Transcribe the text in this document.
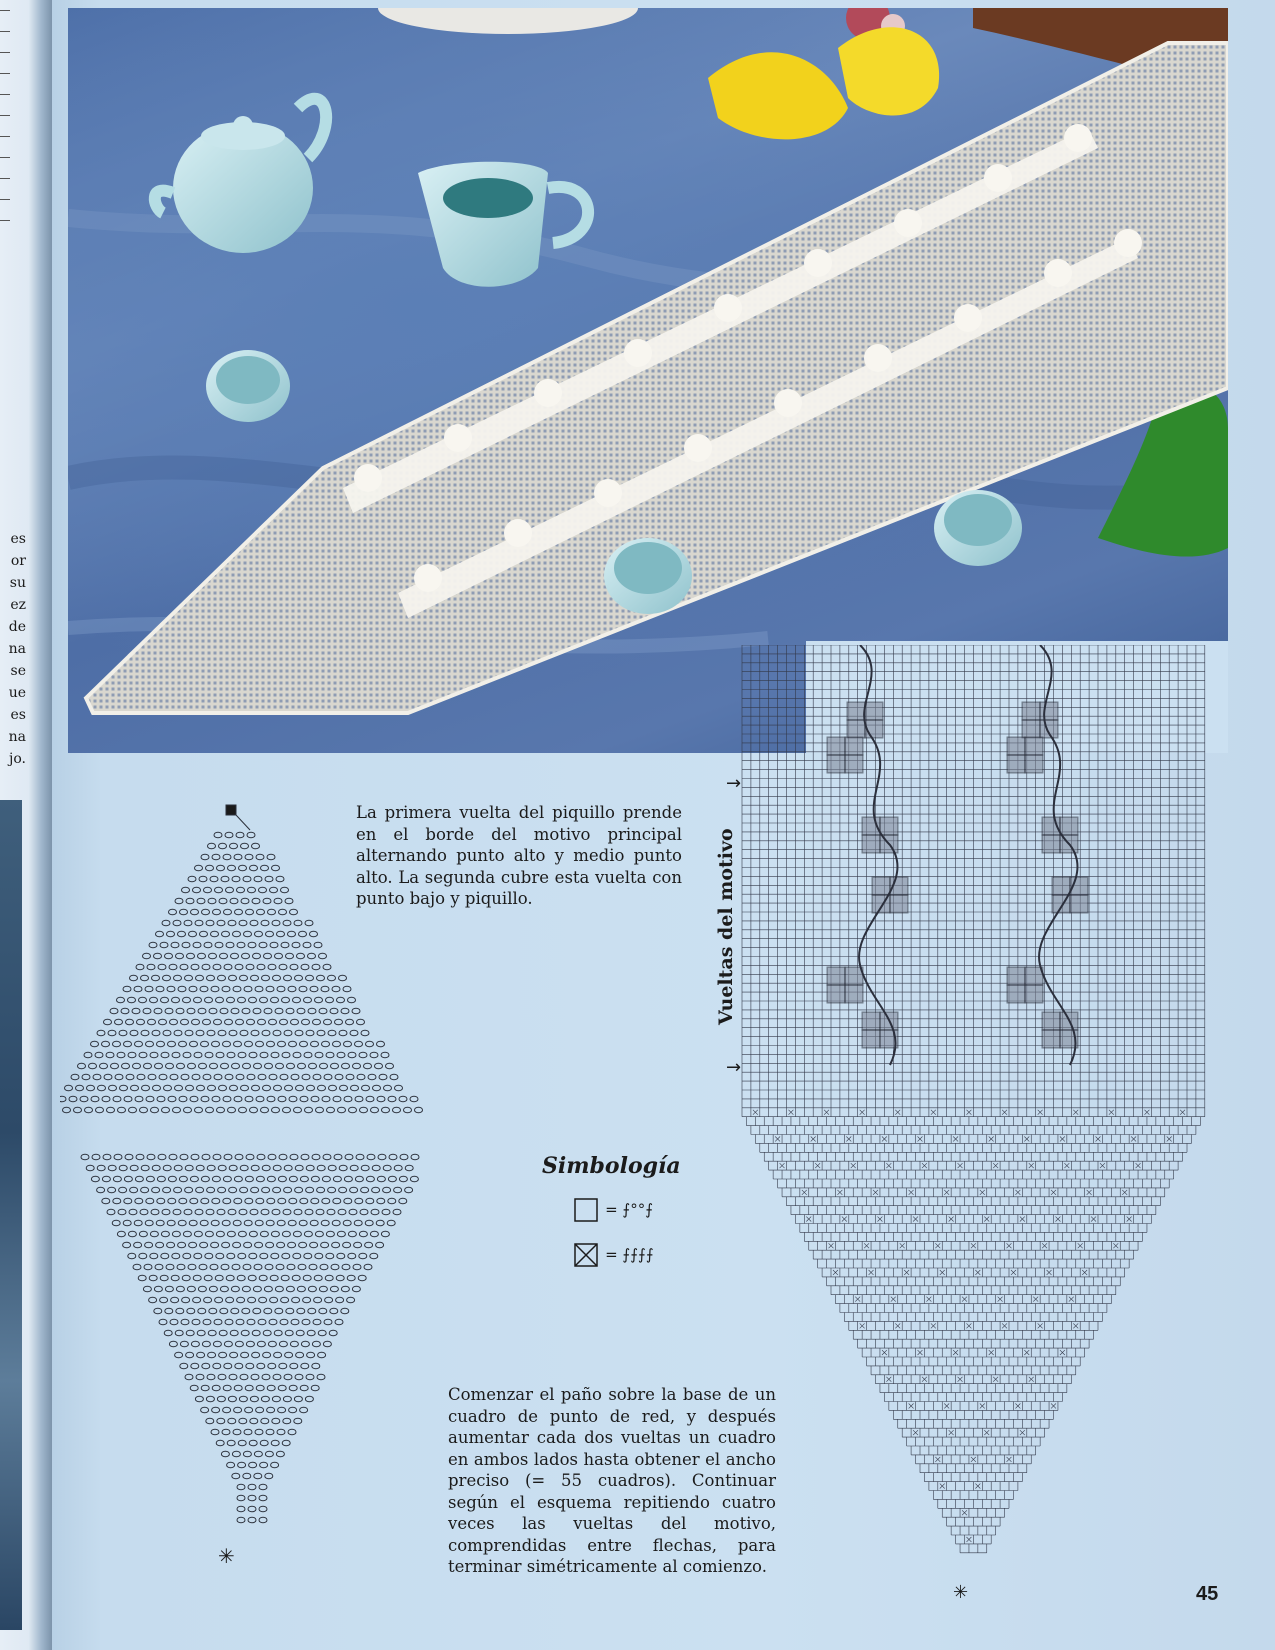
es
or
su
ez
de
na
se
ue
es
na
jo.
La primera vuelta del piquillo prende en el borde del motivo principal alternando punto alto y medio punto alto. La segunda cubre esta vuelta con punto bajo y piquillo.
✳
Simbología
= ⨍°°⨍
= ⨍⨍⨍⨍
Comenzar el paño sobre la base de un cuadro de punto de red, y después aumentar cada dos vueltas un cuadro en ambos lados hasta obtener el ancho preciso (= 55 cuadros). Continuar según el esquema repitiendo cuatro veces las vueltas del motivo, comprendidas entre flechas, para terminar simétricamente al comienzo.
Vueltas del motivo
→
→
✳	45
